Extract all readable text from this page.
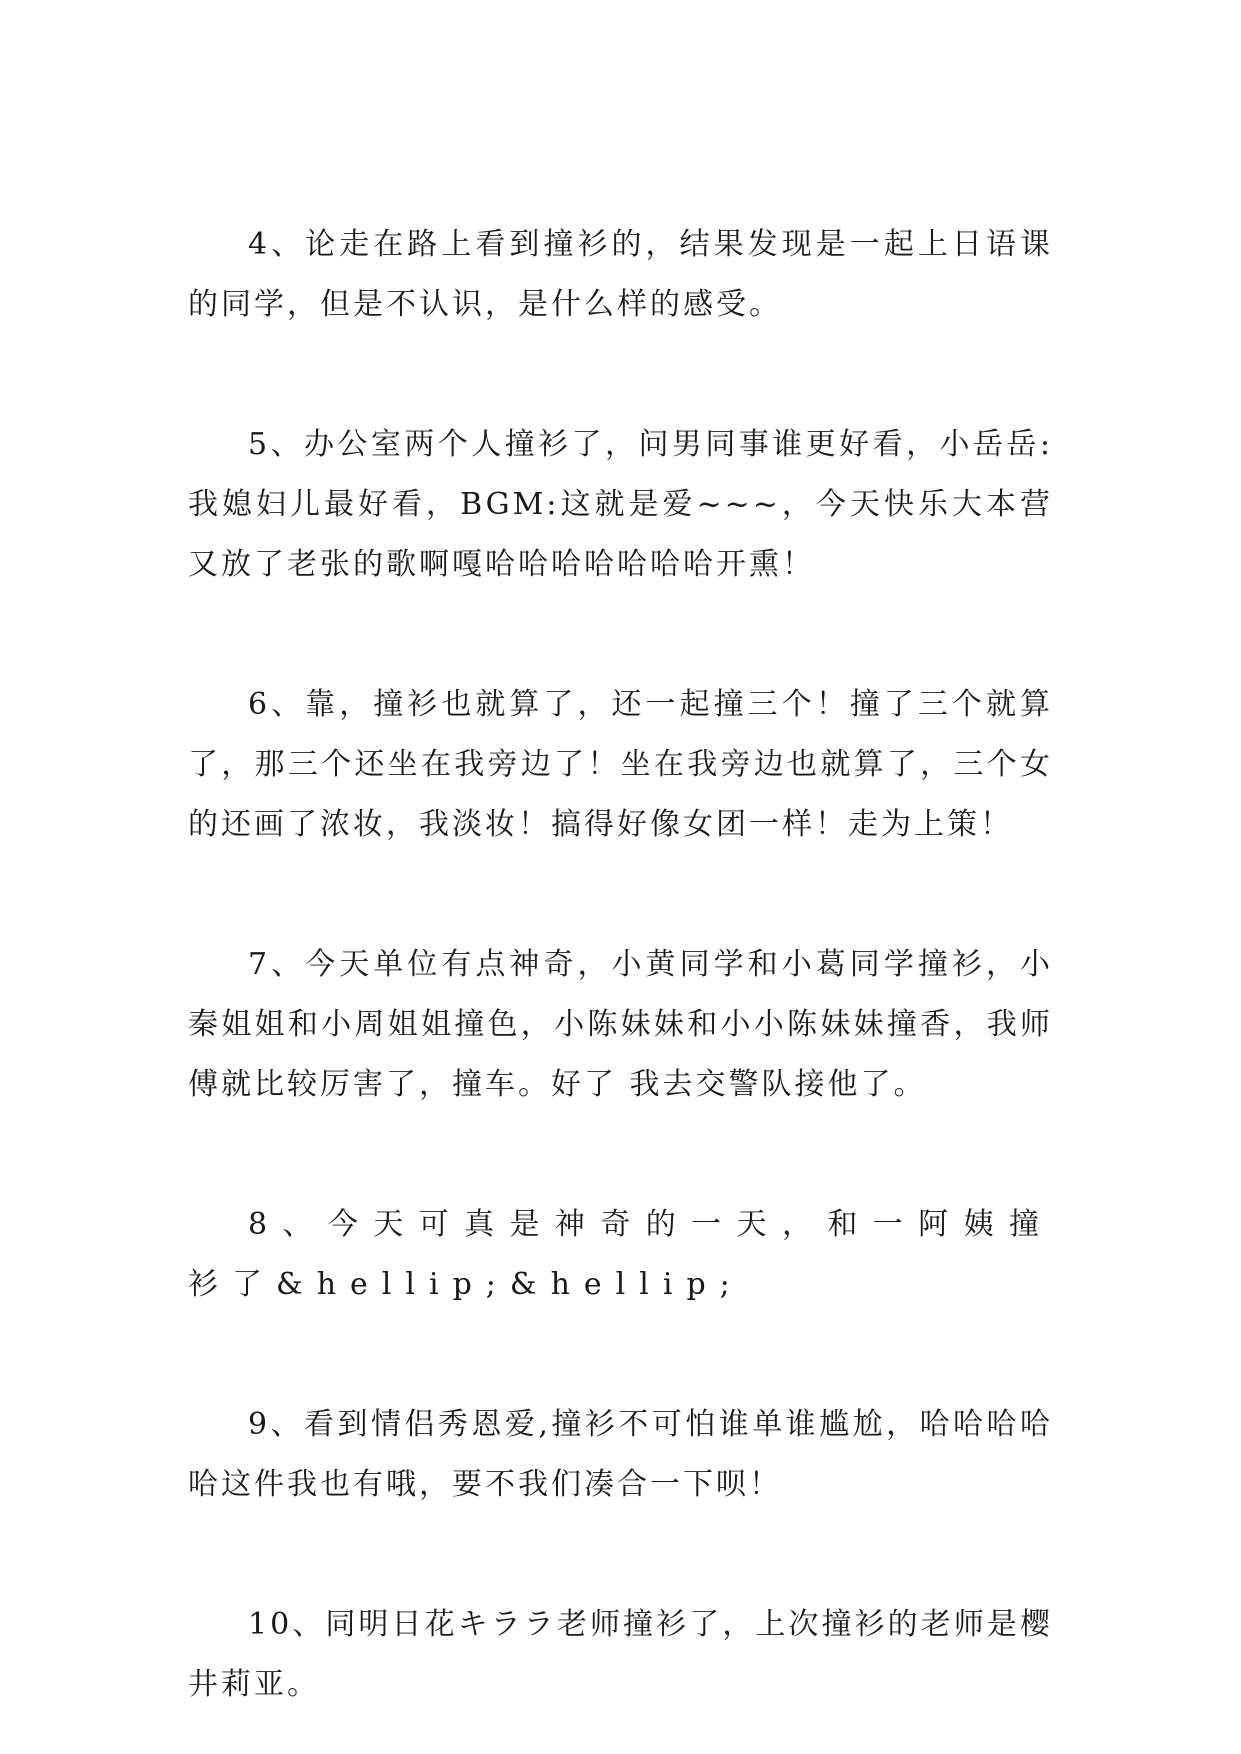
4、论走在路上看到撞衫的，结果发现是一起上日语课的同学，但是不认识，是什么样的感受。

5、办公室两个人撞衫了，问男同事谁更好看，小岳岳:我媳妇儿最好看，BGM:这就是爱~~~，今天快乐大本营又放了老张的歌啊嘎哈哈哈哈哈哈哈开熏！

6、靠，撞衫也就算了，还一起撞三个！撞了三个就算了，那三个还坐在我旁边了！坐在我旁边也就算了，三个女的还画了浓妆，我淡妆！搞得好像女团一样！走为上策！

7、今天单位有点神奇，小黄同学和小葛同学撞衫，小秦姐姐和小周姐姐撞色，小陈妹妹和小小陈妹妹撞香，我师傅就比较厉害了，撞车。好了 我去交警队接他了。

8、今天可真是神奇的一天，和一阿姨撞衫了&hellip;&hellip;

9、看到情侣秀恩爱,撞衫不可怕谁单谁尴尬，哈哈哈哈哈这件我也有哦，要不我们凑合一下呗！

10、同明日花キララ老师撞衫了，上次撞衫的老师是樱井莉亚。
